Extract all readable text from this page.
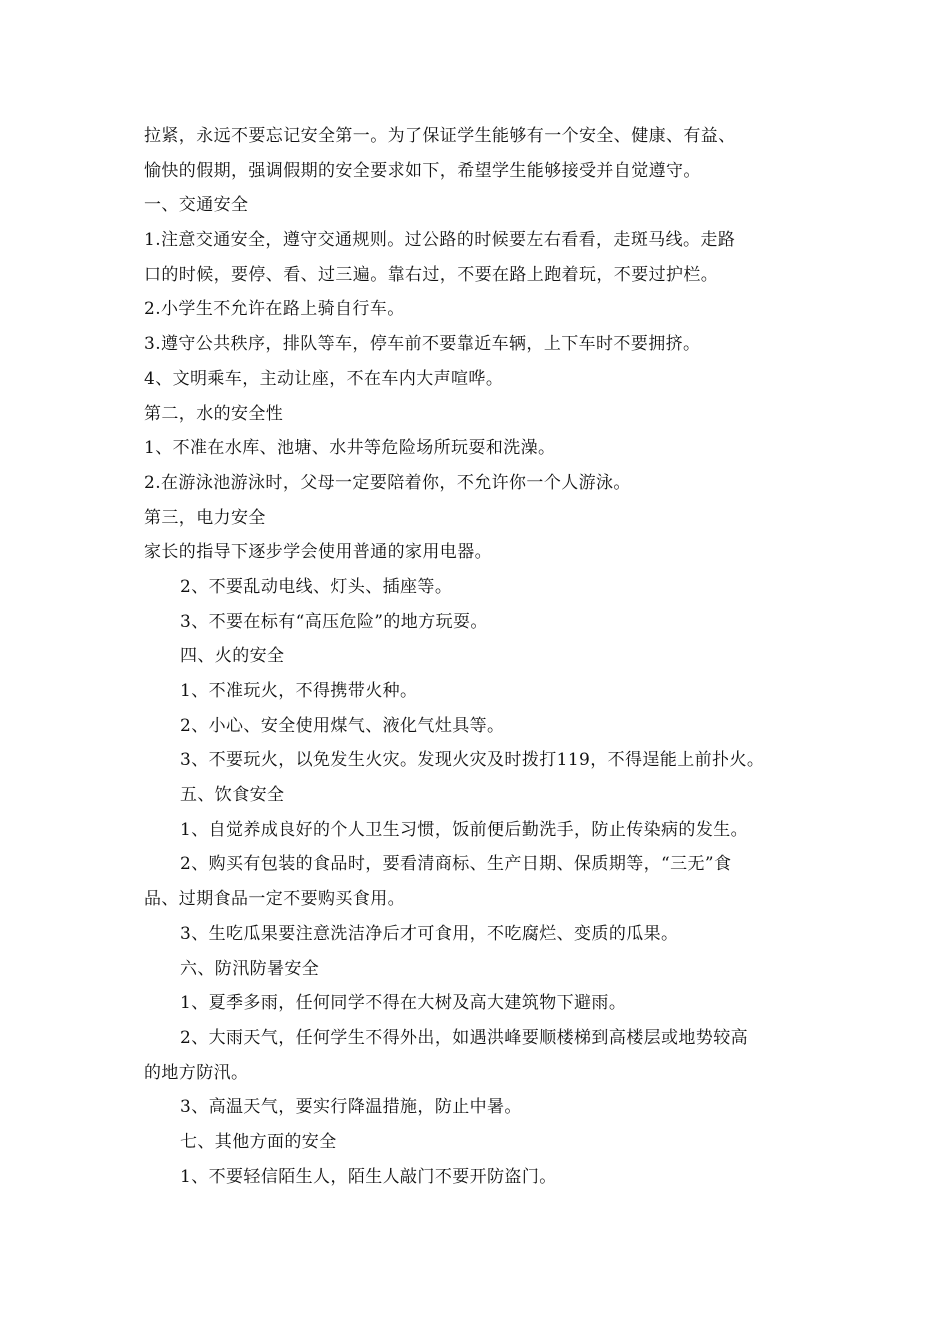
拉紧，永远不要忘记安全第一。为了保证学生能够有一个安全、健康、有益、
愉快的假期，强调假期的安全要求如下，希望学生能够接受并自觉遵守。
一、交通安全
1.注意交通安全，遵守交通规则。过公路的时候要左右看看，走斑马线。走路
口的时候，要停、看、过三遍。靠右过，不要在路上跑着玩，不要过护栏。
2.小学生不允许在路上骑自行车。
3.遵守公共秩序，排队等车，停车前不要靠近车辆，上下车时不要拥挤。
4、文明乘车，主动让座，不在车内大声喧哗。
第二，水的安全性
1、不准在水库、池塘、水井等危险场所玩耍和洗澡。
2.在游泳池游泳时，父母一定要陪着你，不允许你一个人游泳。
第三，电力安全
家长的指导下逐步学会使用普通的家用电器。
2、不要乱动电线、灯头、插座等。
3、不要在标有“高压危险”的地方玩耍。
四、火的安全
1、不准玩火，不得携带火种。
2、小心、安全使用煤气、液化气灶具等。
3、不要玩火，以免发生火灾。发现火灾及时拨打119，不得逞能上前扑火。
五、饮食安全
1、自觉养成良好的个人卫生习惯，饭前便后勤洗手，防止传染病的发生。
2、购买有包装的食品时，要看清商标、生产日期、保质期等，“三无”食
品、过期食品一定不要购买食用。
3、生吃瓜果要注意洗洁净后才可食用，不吃腐烂、变质的瓜果。
六、防汛防暑安全
1、夏季多雨，任何同学不得在大树及高大建筑物下避雨。
2、大雨天气，任何学生不得外出，如遇洪峰要顺楼梯到高楼层或地势较高
的地方防汛。
3、高温天气，要实行降温措施，防止中暑。
七、其他方面的安全
1、不要轻信陌生人，陌生人敲门不要开防盗门。
